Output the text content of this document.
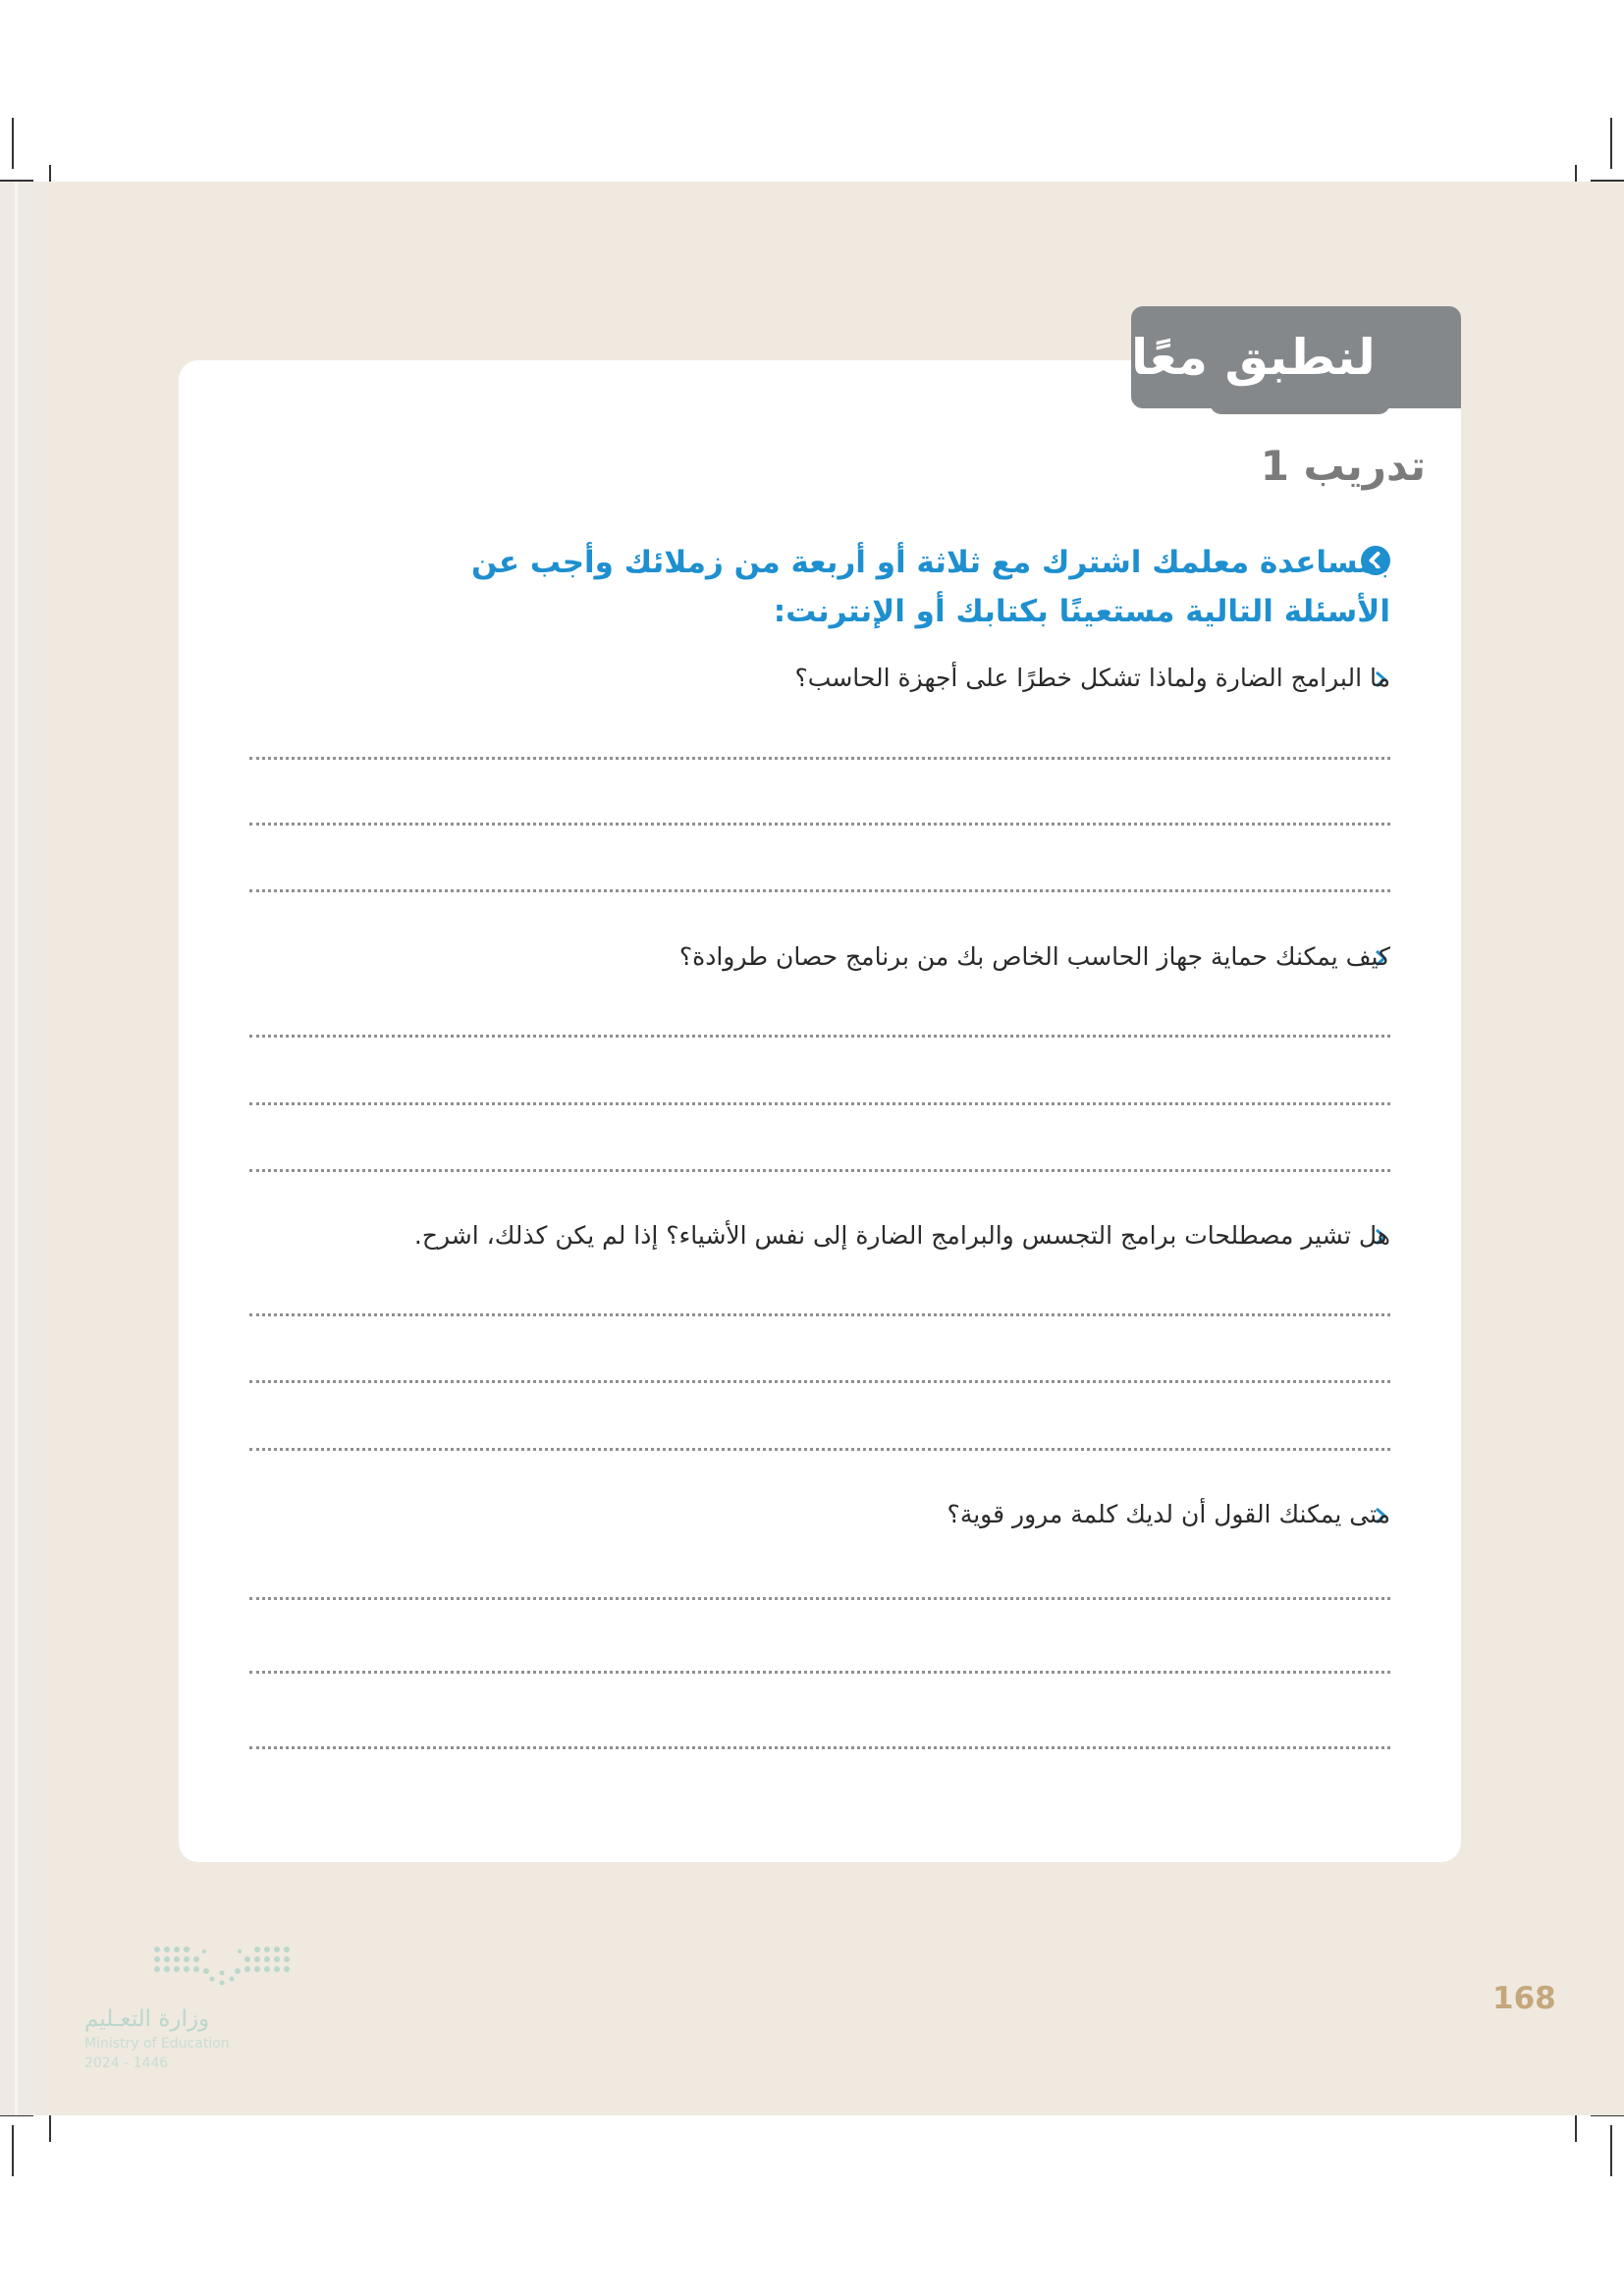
لنطبق معًا
تدريب 1
بمساعدة معلمك اشترك مع ثلاثة أو أربعة من زملائك وأجب عن الأسئلة التالية مستعينًا بكتابك أو الإنترنت:
ما البرامج الضارة ولماذا تشكل خطرًا على أجهزة الحاسب؟
كيف يمكنك حماية جهاز الحاسب الخاص بك من برنامج حصان طروادة؟
هل تشير مصطلحات برامج التجسس والبرامج الضارة إلى نفس الأشياء؟ إذا لم يكن كذلك، اشرح.
متى يمكنك القول أن لديك كلمة مرور قوية؟
168
وزارة التعـليم
Ministry of Education
2024 - 1446
